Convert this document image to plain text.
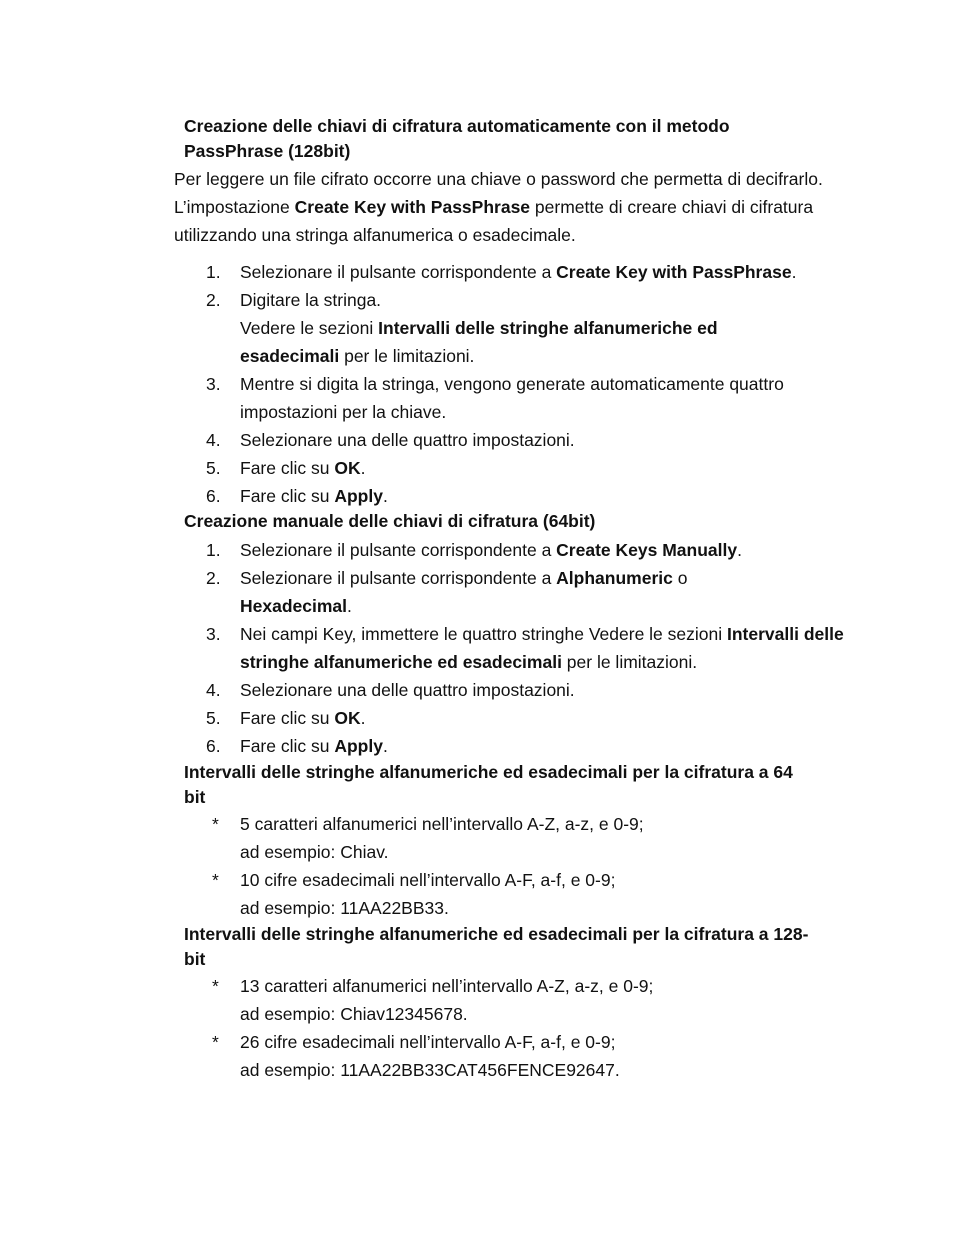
Creazione delle chiavi di cifratura automaticamente con il metodo
PassPhrase (128bit)

Per leggere un file cifrato occorre una chiave o password che permetta di decifrarlo. L’impostazione Create Key with PassPhrase permette di creare chiavi di cifratura utilizzando una stringa alfanumerica o esadecimale.

1.	Selezionare il pulsante corrispondente a Create Key with PassPhrase.
2.	Digitare la stringa.
Vedere le sezioni Intervalli delle stringhe alfanumeriche ed esadecimali per le limitazioni.
3.	Mentre si digita la stringa, vengono generate automaticamente quattro impostazioni per la chiave.
4.	Selezionare una delle quattro impostazioni.
5.	Fare clic su OK.
6.	Fare clic su Apply.
Creazione manuale delle chiavi di cifratura (64bit)
1.	Selezionare il pulsante corrispondente a Create Keys Manually.
2.	Selezionare il pulsante corrispondente a Alphanumeric o Hexadecimal.
3.	Nei campi Key, immettere le quattro stringhe Vedere le sezioni Intervalli delle stringhe alfanumeriche ed esadecimali per le limitazioni.
4.	Selezionare una delle quattro impostazioni.
5.	Fare clic su OK.
6.	Fare clic su Apply.
Intervalli delle stringhe alfanumeriche ed esadecimali per la cifratura a 64
bit
* 5 caratteri alfanumerici nell’intervallo A-Z, a-z, e 0-9;
ad esempio: Chiav.
* 10 cifre esadecimali nell’intervallo A-F, a-f, e 0-9;
ad esempio: 11AA22BB33.
Intervalli delle stringhe alfanumeriche ed esadecimali per la cifratura a 128-
bit
* 13 caratteri alfanumerici nell’intervallo A-Z, a-z, e 0-9;
ad esempio: Chiav12345678.
* 26 cifre esadecimali nell’intervallo A-F, a-f, e 0-9;
ad esempio: 11AA22BB33CAT456FENCE92647.
